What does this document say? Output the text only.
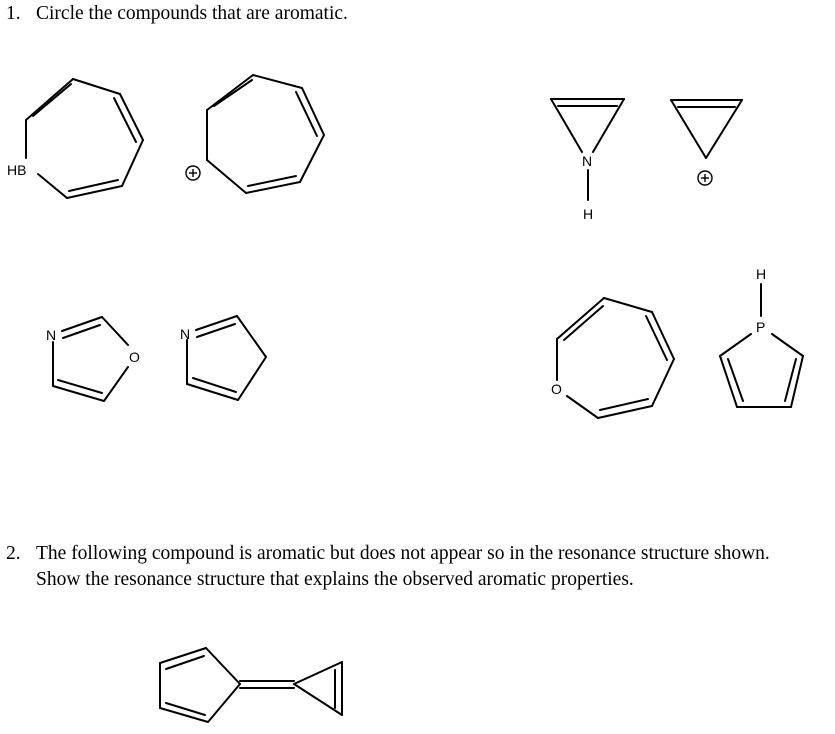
1. Circle the compounds that are aromatic.
2. The following compound is aromatic but does not appear so in the resonance structure shown.
Show the resonance structure that explains the observed aromatic properties.
HB
N
H
N
O
N
O
H
P
